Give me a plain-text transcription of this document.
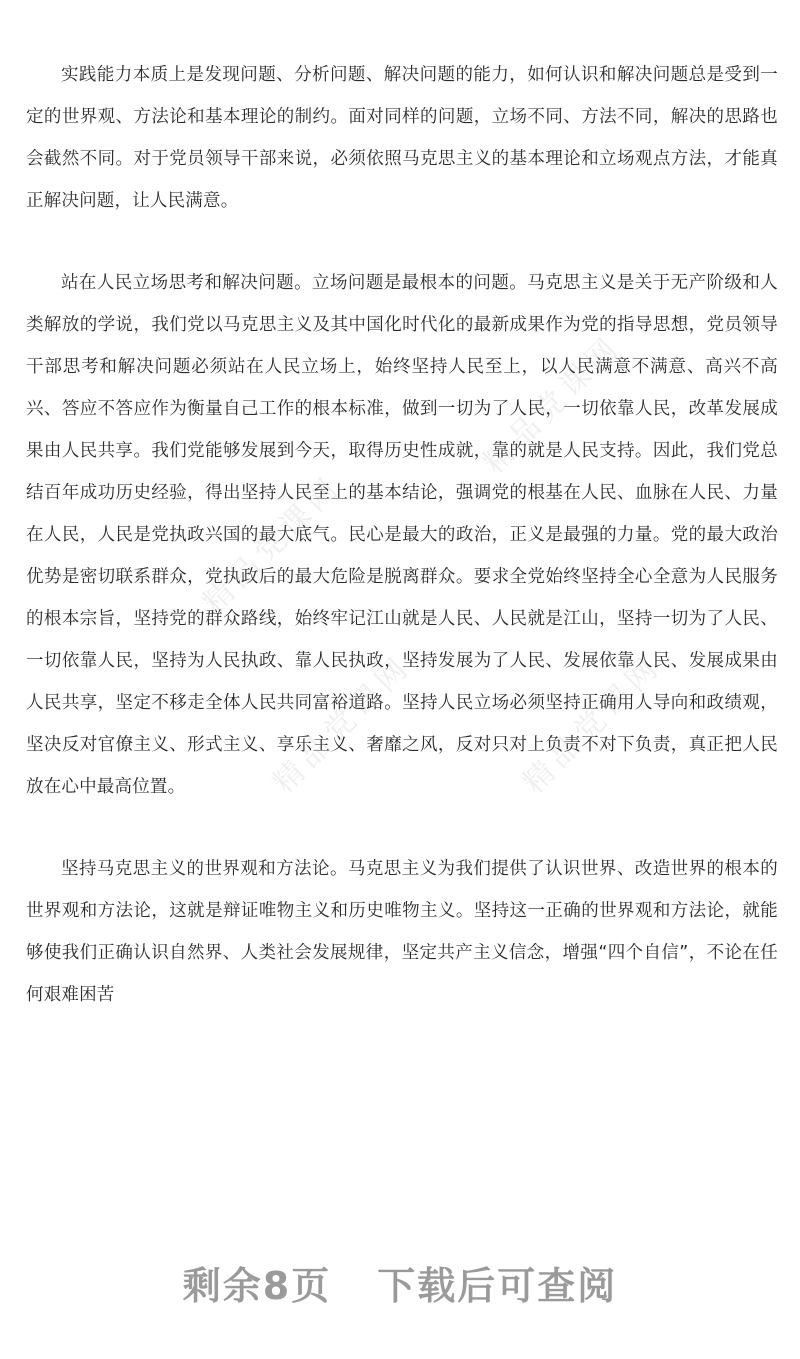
实践能力本质上是发现问题、分析问题、解决问题的能力，如何认识和解决问题总是受到一定的世界观、方法论和基本理论的制约。面对同样的问题，立场不同、方法不同，解决的思路也会截然不同。对于党员领导干部来说，必须依照马克思主义的基本理论和立场观点方法，才能真正解决问题，让人民满意。

站在人民立场思考和解决问题。立场问题是最根本的问题。马克思主义是关于无产阶级和人类解放的学说，我们党以马克思主义及其中国化时代化的最新成果作为党的指导思想，党员领导干部思考和解决问题必须站在人民立场上，始终坚持人民至上，以人民满意不满意、高兴不高兴、答应不答应作为衡量自己工作的根本标准，做到一切为了人民，一切依靠人民，改革发展成果由人民共享。我们党能够发展到今天，取得历史性成就，靠的就是人民支持。因此，我们党总结百年成功历史经验，得出坚持人民至上的基本结论，强调党的根基在人民、血脉在人民、力量在人民，人民是党执政兴国的最大底气。民心是最大的政治，正义是最强的力量。党的最大政治优势是密切联系群众，党执政后的最大危险是脱离群众。要求全党始终坚持全心全意为人民服务的根本宗旨，坚持党的群众路线，始终牢记江山就是人民、人民就是江山，坚持一切为了人民、一切依靠人民，坚持为人民执政、靠人民执政，坚持发展为了人民、发展依靠人民、发展成果由人民共享，坚定不移走全体人民共同富裕道路。坚持人民立场必须坚持正确用人导向和政绩观，坚决反对官僚主义、形式主义、享乐主义、奢靡之风，反对只对上负责不对下负责，真正把人民放在心中最高位置。

坚持马克思主义的世界观和方法论。马克思主义为我们提供了认识世界、改造世界的根本的世界观和方法论，这就是辩证唯物主义和历史唯物主义。坚持这一正确的世界观和方法论，就能够使我们正确认识自然界、人类社会发展规律，坚定共产主义信念，增强“四个自信”，不论在任何艰难困苦

精品党课网
精品党课网
精品党课网	精品党课网
剩余8页 下载后可查阅
